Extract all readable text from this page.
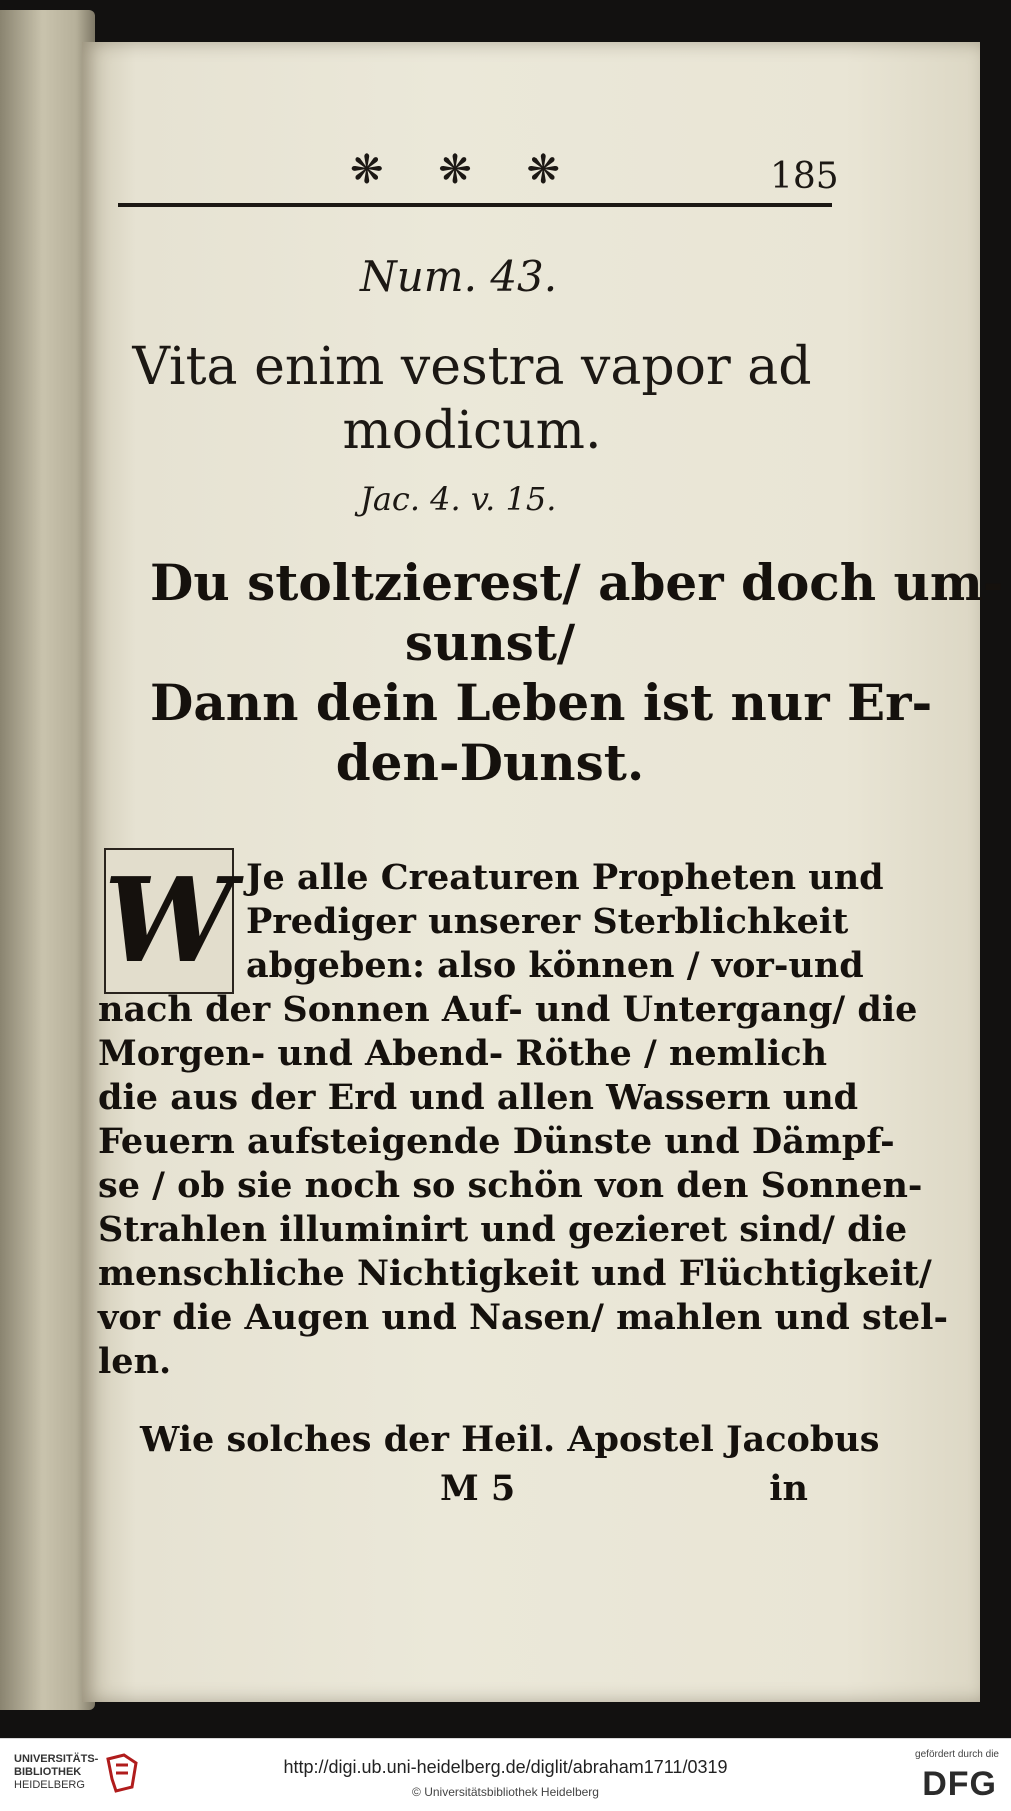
❋ ❋ ❋	185
Num. 43.
Vita enim vestra vapor ad
modicum.
Jac. 4. v. 15.
Du stoltzierest/ aber doch um-
sunst/
Dann dein Leben ist nur Er-
den-Dunst.
W Je alle Creaturen Propheten und
Prediger unserer Sterblichkeit
abgeben: also können / vor-und
nach der Sonnen Auf- und Untergang/ die
Morgen- und Abend- Röthe / nemlich
die aus der Erd und allen Wassern und
Feuern aufsteigende Dünste und Dämpf-
se / ob sie noch so schön von den Sonnen-
Strahlen illuminirt und gezieret sind/ die
menschliche Nichtigkeit und Flüchtigkeit/
vor die Augen und Nasen/ mahlen und stel-
len.
Wie solches der Heil. Apostel Jacobus
M 5	in
UNIVERSITÄTS-
BIBLIOTHEK
HEIDELBERG
http://digi.ub.uni-heidelberg.de/diglit/abraham1711/0319
© Universitätsbibliothek Heidelberg
gefördert durch die
DFG
